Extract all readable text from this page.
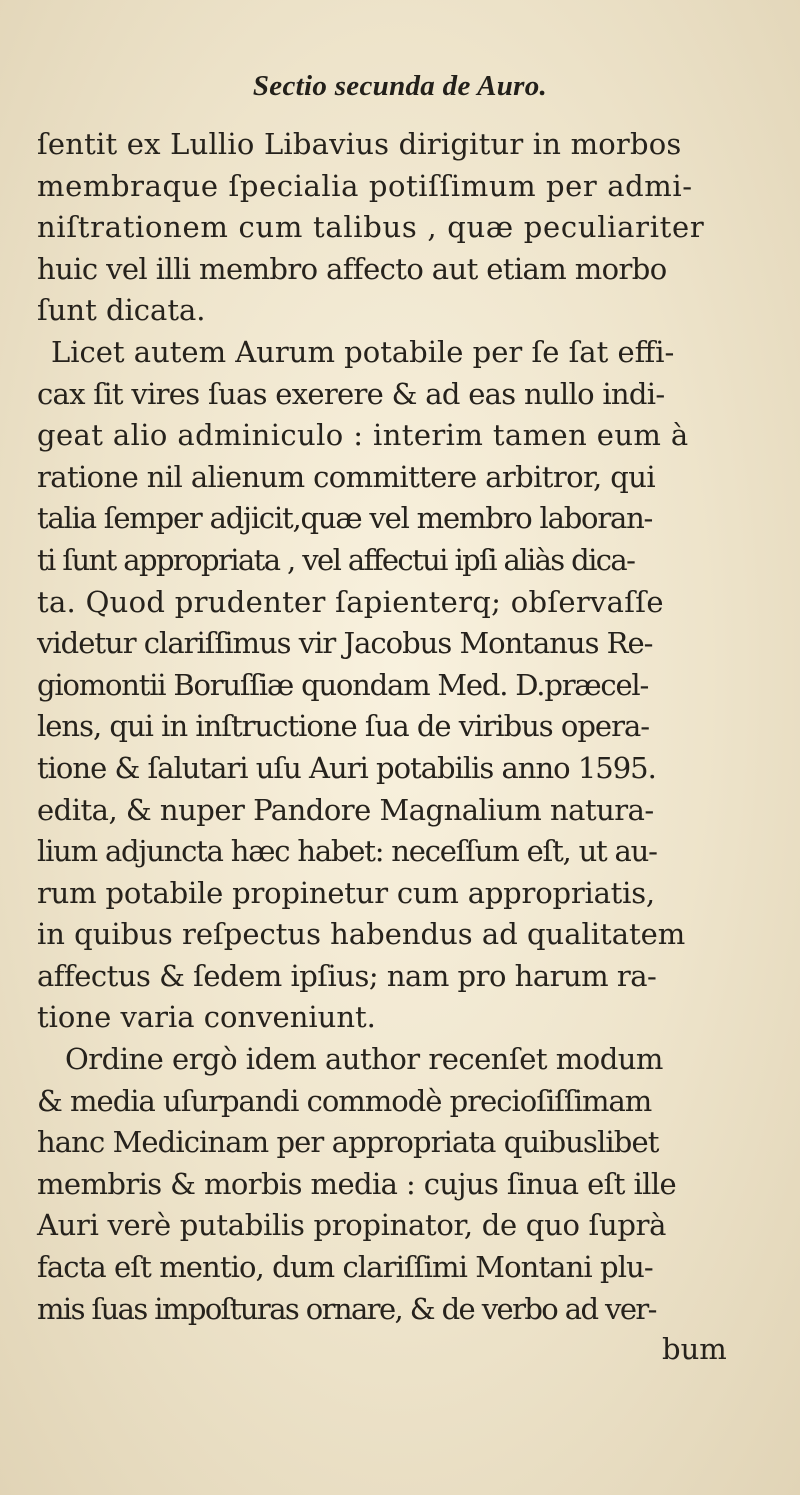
Sectio secunda de Auro.
ſentit ex Lullio Libavius dirigitur in morbos
membraque ſpecialia potiſſimum per admi-
niſtrationem cum talibus , quæ peculiariter
huic vel illi membro affecto aut etiam morbo
ſunt dicata.
Licet autem Aurum potabile per ſe ſat effi-
cax ſit vires ſuas exerere & ad eas nullo indi-
geat alio adminiculo : interim tamen eum à
ratione nil alienum committere arbitror, qui
talia ſemper adjicit,quæ vel membro laboran-
ti ſunt appropriata , vel affectui ipſi aliàs dica-
ta. Quod prudenter ſapienterq; obſervaſſe
videtur clariſſimus vir Jacobus Montanus Re-
giomontii Boruſſiæ quondam Med. D.præcel-
lens, qui in inſtructione ſua de viribus opera-
tione & ſalutari uſu Auri potabilis anno 1595.
edita, & nuper Pandore Magnalium natura-
lium adjuncta hæc habet: neceſſum eſt, ut au-
rum potabile propinetur cum appropriatis,
in quibus reſpectus habendus ad qualitatem
affectus & ſedem ipſius; nam pro harum ra-
tione varia conveniunt.
Ordine ergò idem author recenſet modum
& media uſurpandi commodè precioſiſſimam
hanc Medicinam per appropriata quibuslibet
membris & morbis media : cujus ſinua eſt ille
Auri verè putabilis propinator, de quo ſuprà
facta eſt mentio, dum clariſſimi Montani plu-
mis ſuas impoſturas ornare, & de verbo ad ver-
bum
